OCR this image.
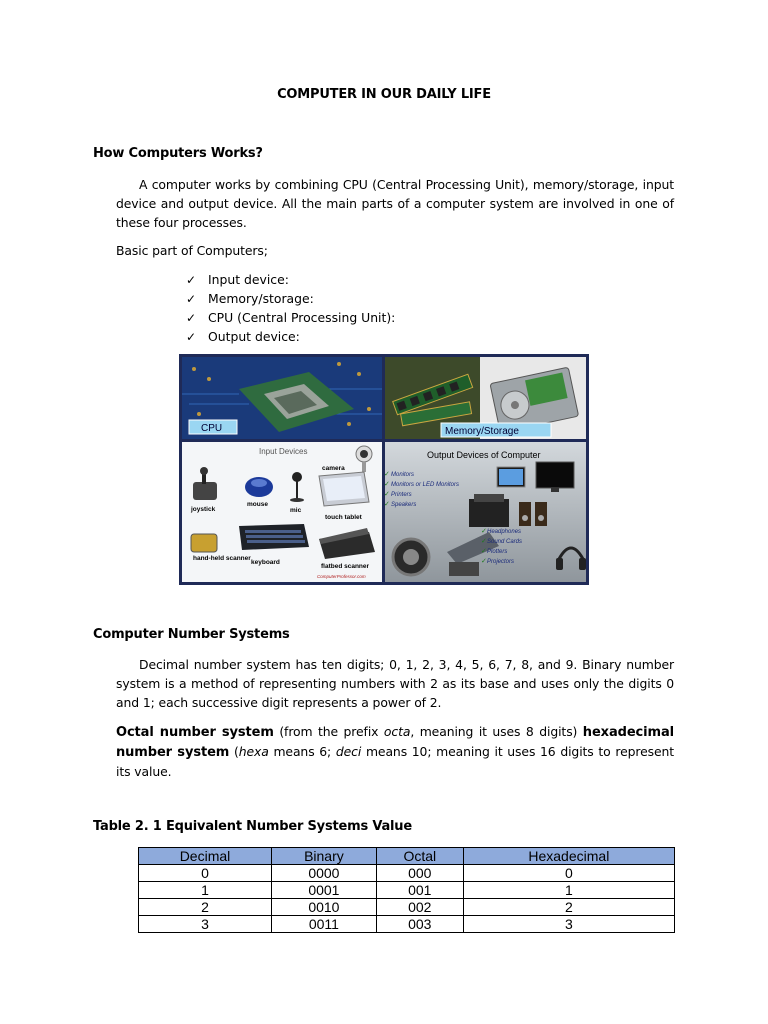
COMPUTER IN OUR DAILY LIFE
How Computers Works?
A computer works by combining CPU (Central Processing Unit), memory/storage, input device and output device. All the main parts of a computer system are involved in one of these four processes.
Basic part of Computers;
✓ Input device:
✓ Memory/storage:
✓ CPU (Central Processing Unit):
✓ Output device:
CPU	Memory/Storage
Input Devices
joystick
mouse
mic
camera
touch tablet
hand-held scanner
keyboard
flatbed scanner
ComputerProfessor.com
Output Devices of Computer
Monitors
Monitors or LED Monitors
Printers
Speakers
Headphones
Sound Cards
Plotters
Projectors
✓
✓
✓
✓
✓
✓
✓
✓
Computer Number Systems
Decimal number system has ten digits; 0, 1, 2, 3, 4, 5, 6, 7, 8, and 9. Binary number system is a method of representing numbers with 2 as its base and uses only the digits 0 and 1; each successive digit represents a power of 2.
Octal number system (from the prefix octa, meaning it uses 8 digits) hexadecimal number system (hexa means 6; deci means 10; meaning it uses 16 digits to represent its value.
Table 2. 1 Equivalent Number Systems Value
Decimal	Binary	Octal	Hexadecimal
0	0000	000	0
1	0001	001	1
2	0010	002	2
3	0011	003	3
